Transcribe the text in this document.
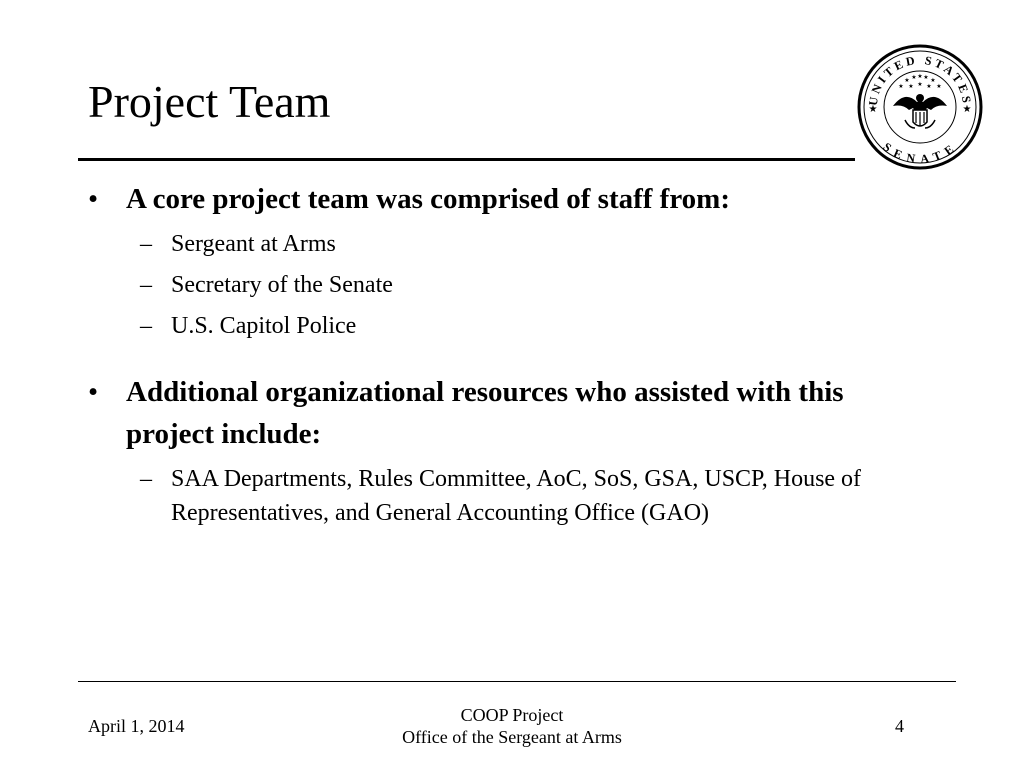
Project Team	UNITED STATES
SENATE
★	★
★
★ ★ ★ ★ ★
★
★ ★ ★
• A core project team was comprised of staff from:
– Sergeant at Arms
– Secretary of the Senate
– U.S. Capitol Police
• Additional organizational resources who assisted with this project include:
– SAA Departments, Rules Committee, AoC, SoS, GSA, USCP, House of Representatives, and General Accounting Office (GAO)
April 1, 2014
COOP Project
Office of the Sergeant at Arms
4
